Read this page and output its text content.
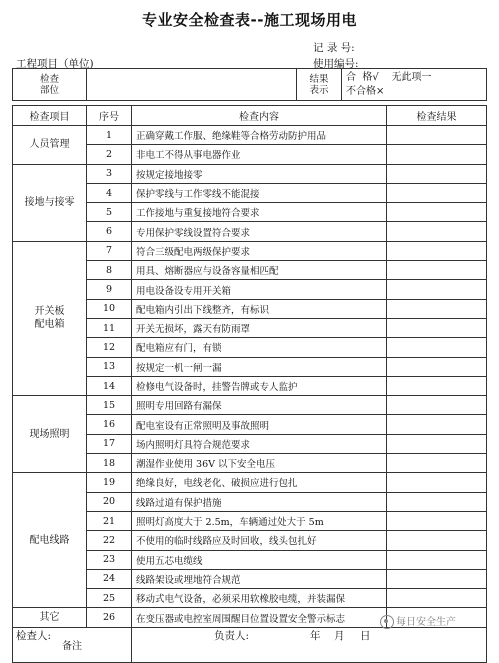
专业安全检查表--施工现场用电
记 录 号:
工程项目（单位)	使用编号:
检查
部位		结果
表示	
合  格√    无此项一
不合格×
检查项目	序号	检查内容	检查结果
人员管理	1	正确穿戴工作服、绝缘鞋等合格劳动防护用品	
	2	非电工不得从事电器作业	
接地与接零	3	按规定接地接零	
	4	保护零线与工作零线不能混接	
	5	工作接地与重复接地符合要求	
	6	专用保护零线设置符合要求	
开关板
配电箱	7	符合三级配电两级保护要求	
	8	用具、熔断器应与设备容量相匹配	
	9	用电设备设专用开关箱	
	10	配电箱内引出下线整齐，有标识	
	11	开关无损坏，露天有防雨罩	
	12	配电箱应有门，有锁	
	13	按规定一机一闸一漏	
	14	检修电气设备时，挂警告牌或专人监护	
现场照明	15	照明专用回路有漏保	
	16	配电室设有正常照明及事故照明	
	17	场内照明灯具符合规范要求	
	18	潮湿作业使用 36V 以下安全电压	
配电线路	19	绝缘良好，电线老化、破损应进行包扎	
	20	线路过道有保护措施	
	21	照明灯高度大于 2.5m，车辆通过处大于 5m	
	22	不使用的临时线路应及时回收，线头包扎好	
	23	使用五芯电缆线	
	24	线路架设或埋地符合规范	
	25	移动式电气设备，必须采用软橡胶电缆，并装漏保	
其它	26	在变压器或电控室周围醒目位置设置安全警示标志	
备注			
检查人:	负责人:	年 月 日
每日安全生产
